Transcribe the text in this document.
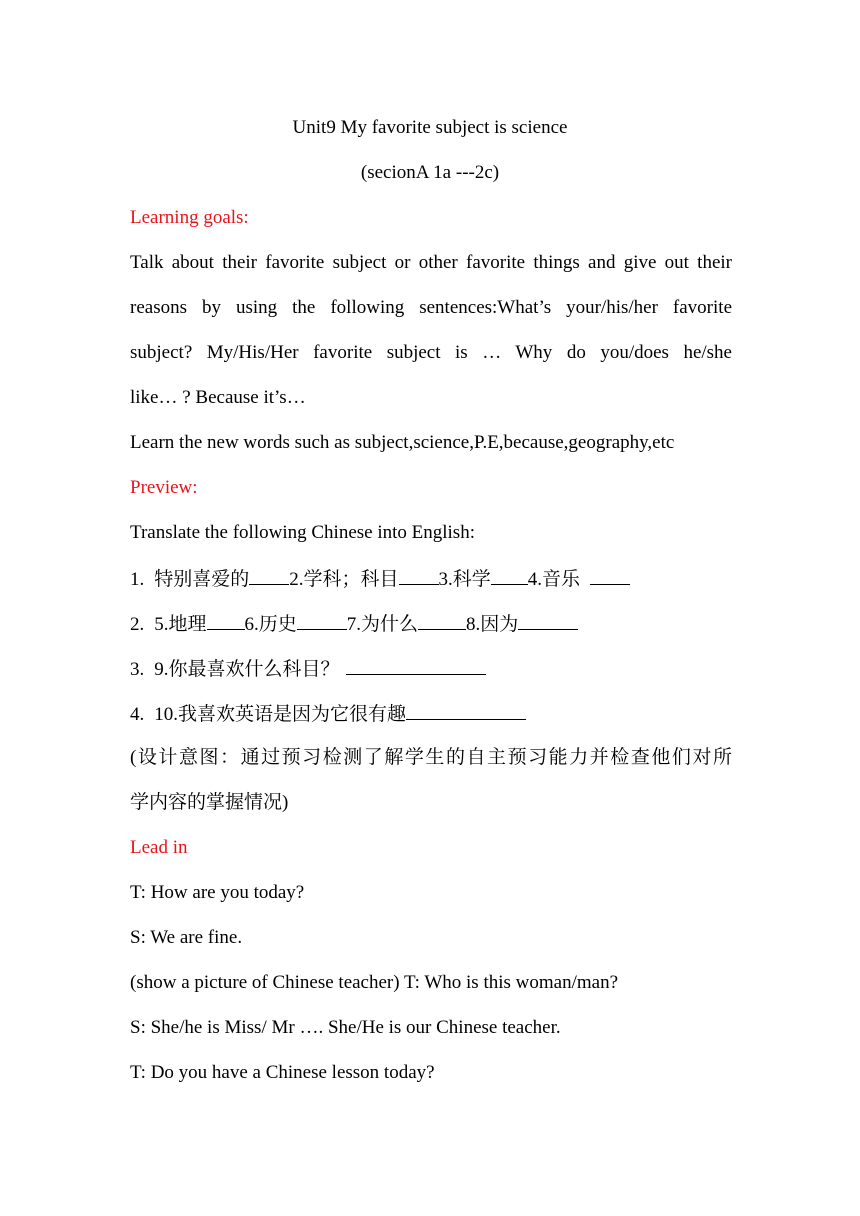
Unit9 My favorite subject is science
(secionA 1a ---2c)
Learning goals:
Talk about their favorite subject or other favorite things and give out their
reasons by using the following sentences:What’s your/his/her favorite
subject? My/His/Her favorite subject is … Why do you/does he/she
like… ? Because it’s…
Learn the new words such as subject,science,P.E,because,geography,etc
Preview:
Translate the following Chinese into English:
1. 特别喜爱的 2.学科；科目 3.科学 4.音乐
2. 5.地理 6.历史	7.为什么	8.因为
3. 9.你最喜欢什么科目？
4. 10.我喜欢英语是因为它很有趣
(设计意图：通过预习检测了解学生的自主预习能力并检查他们对所
学内容的掌握情况)
Lead in
T: How are you today?
S: We are fine.
(show a picture of Chinese teacher) T: Who is this woman/man?
S: She/he is Miss/ Mr …. She/He is our Chinese teacher.
T: Do you have a Chinese lesson today?
